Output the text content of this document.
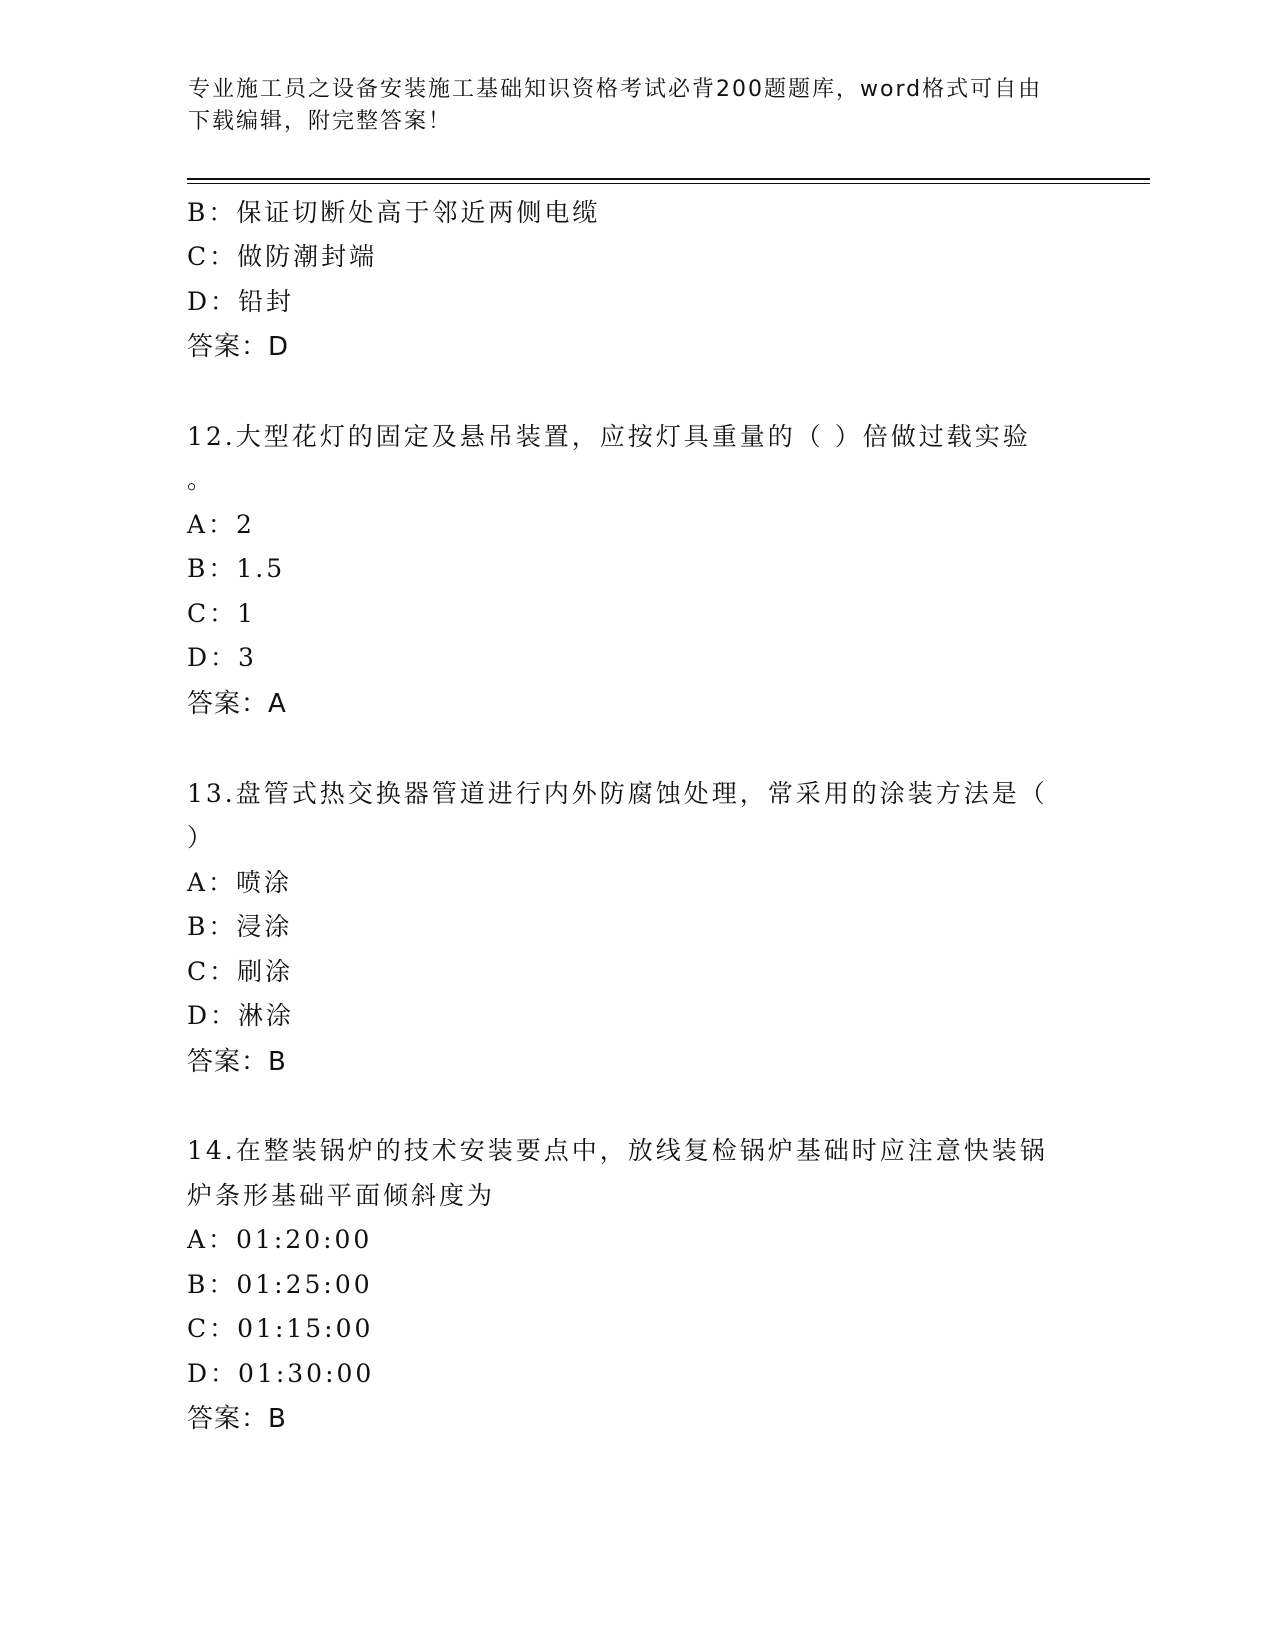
专业施工员之设备安装施工基础知识资格考试必背200题题库，word格式可自由
下载编辑，附完整答案！
B：保证切断处高于邻近两侧电缆
C：做防潮封端
D：铅封
答案：D
12.大型花灯的固定及悬吊装置，应按灯具重量的（ ）倍做过载实验
。
A：2
B：1.5
C：1
D：3
答案：A
13.盘管式热交换器管道进行内外防腐蚀处理，常采用的涂装方法是（
）
A：喷涂
B：浸涂
C：刷涂
D：淋涂
答案：B
14.在整装锅炉的技术安装要点中，放线复检锅炉基础时应注意快装锅
炉条形基础平面倾斜度为
A：01:20:00
B：01:25:00
C：01:15:00
D：01:30:00
答案：B
